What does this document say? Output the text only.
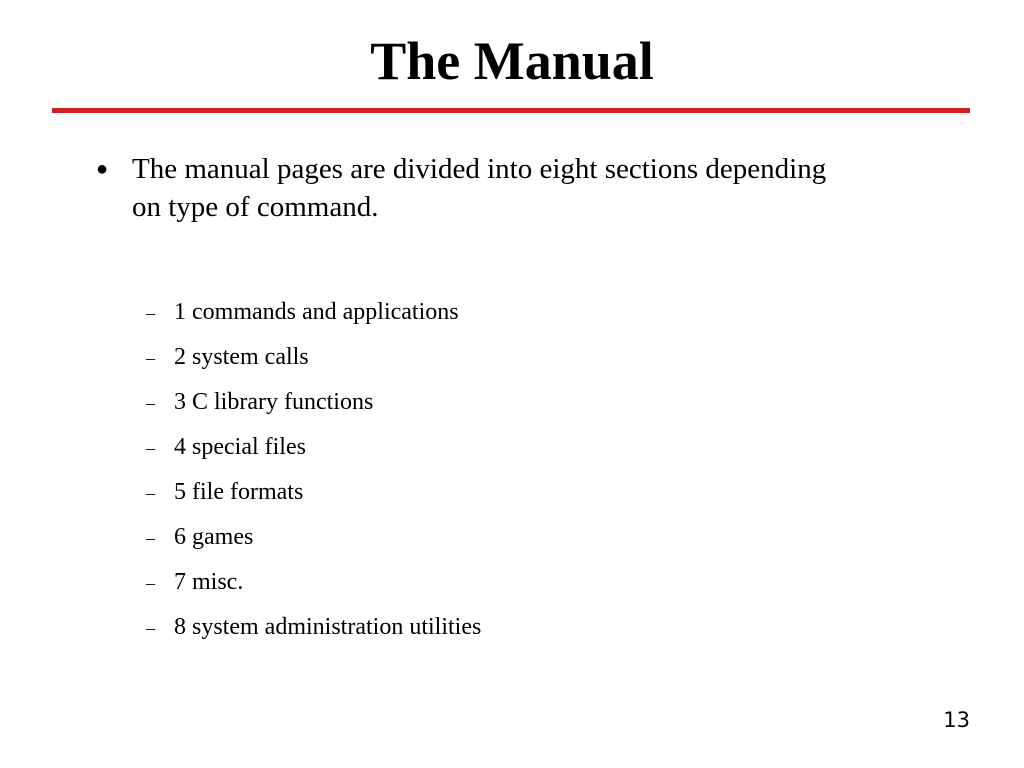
The Manual
● The manual pages are divided into eight sections depending on type of command.
– 1 commands and applications
– 2 system calls
– 3 C library functions
– 4 special files
– 5 file formats
– 6 games
– 7 misc.
– 8 system administration utilities
13
